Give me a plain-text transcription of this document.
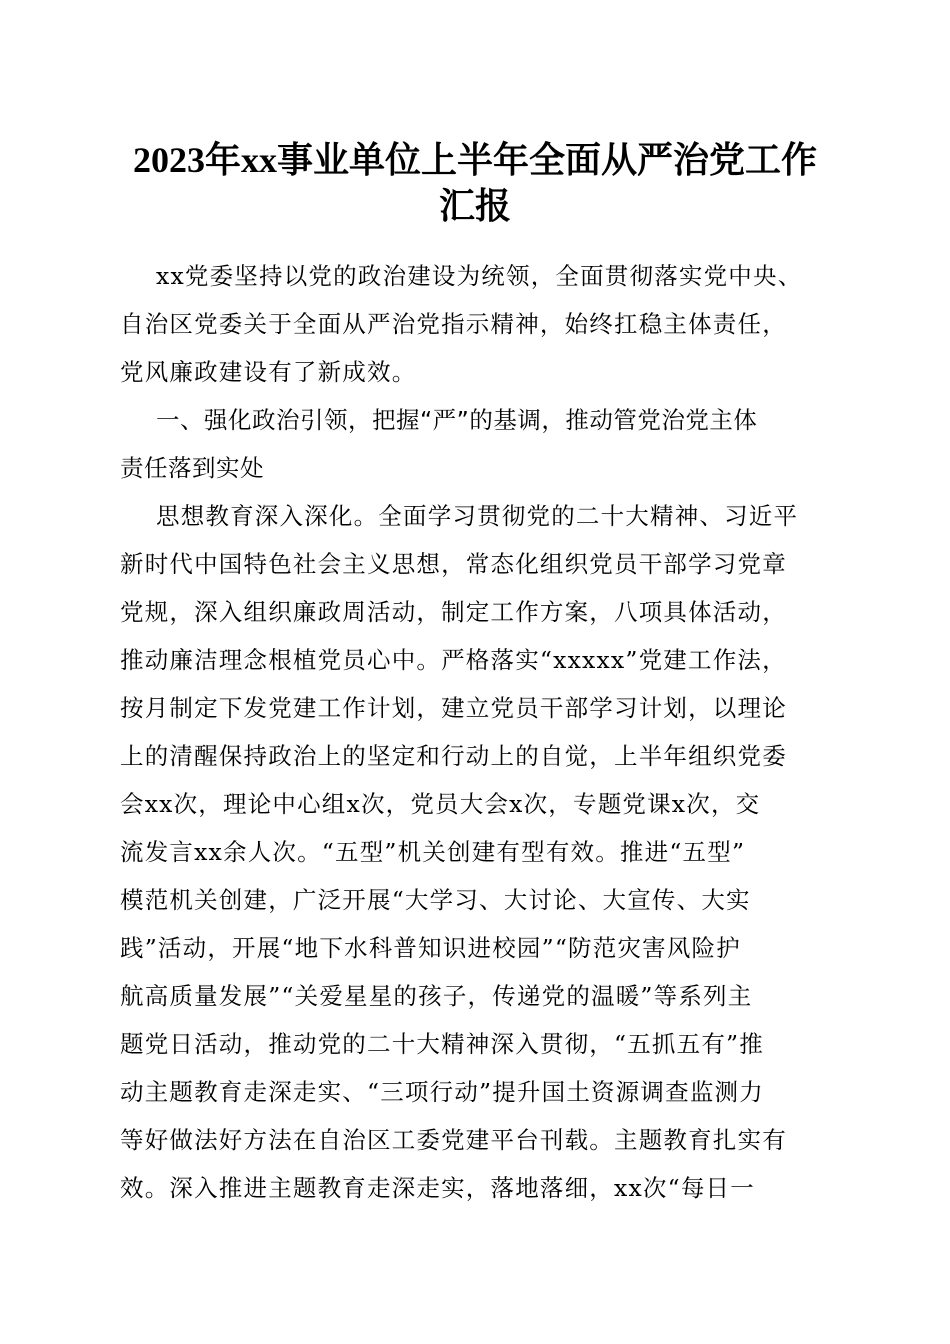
2023年xx事业单位上半年全面从严治党工作
汇报
xx党委坚持以党的政治建设为统领，全面贯彻落实党中央、
自治区党委关于全面从严治党指示精神，始终扛稳主体责任，
党风廉政建设有了新成效。
一、强化政治引领，把握“严”的基调，推动管党治党主体
责任落到实处
思想教育深入深化。全面学习贯彻党的二十大精神、习近平
新时代中国特色社会主义思想，常态化组织党员干部学习党章
党规，深入组织廉政周活动，制定工作方案，八项具体活动，
推动廉洁理念根植党员心中。严格落实“xxxxx”党建工作法，
按月制定下发党建工作计划，建立党员干部学习计划，以理论
上的清醒保持政治上的坚定和行动上的自觉，上半年组织党委
会xx次，理论中心组x次，党员大会x次，专题党课x次，交
流发言xx余人次。“五型”机关创建有型有效。推进“五型”
模范机关创建，广泛开展“大学习、大讨论、大宣传、大实
践”活动，开展“地下水科普知识进校园”“防范灾害风险护
航高质量发展”“关爱星星的孩子，传递党的温暖”等系列主
题党日活动，推动党的二十大精神深入贯彻，“五抓五有”推
动主题教育走深走实、“三项行动”提升国土资源调查监测力
等好做法好方法在自治区工委党建平台刊载。主题教育扎实有
效。深入推进主题教育走深走实，落地落细，xx次“每日一
